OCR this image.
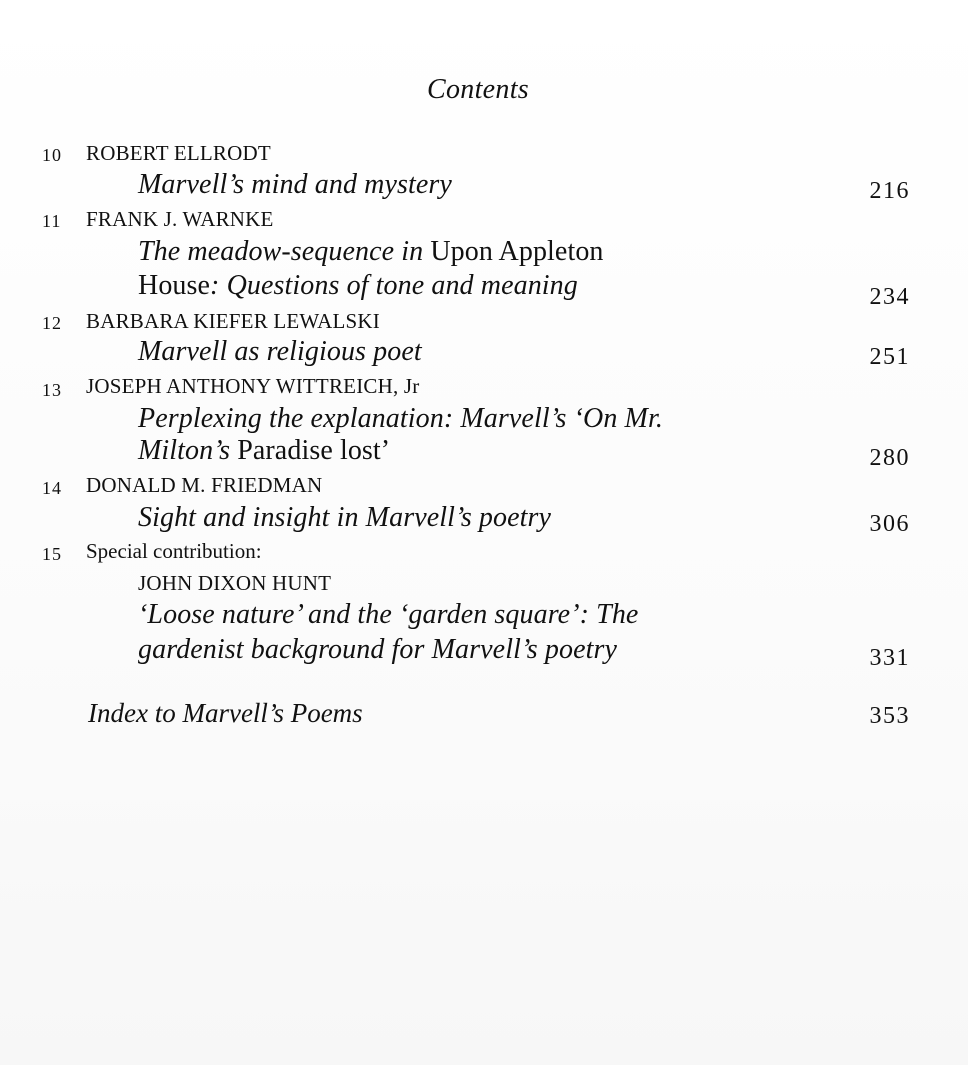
Contents
10 ROBERT ELLRODT
Marvell’s mind and mystery	216
11 FRANK J. WARNKE
The meadow-sequence in Upon Appleton
House: Questions of tone and meaning	234
12 BARBARA KIEFER LEWALSKI
Marvell as religious poet	251
13 JOSEPH ANTHONY WITTREICH, Jr
Perplexing the explanation: Marvell’s ‘On Mr.
Milton’s Paradise lost’	280
14 DONALD M. FRIEDMAN
Sight and insight in Marvell’s poetry	306
15 Special contribution:
JOHN DIXON HUNT
‘Loose nature’ and the ‘garden square’: The
gardenist background for Marvell’s poetry	331
Index to Marvell’s Poems	353
